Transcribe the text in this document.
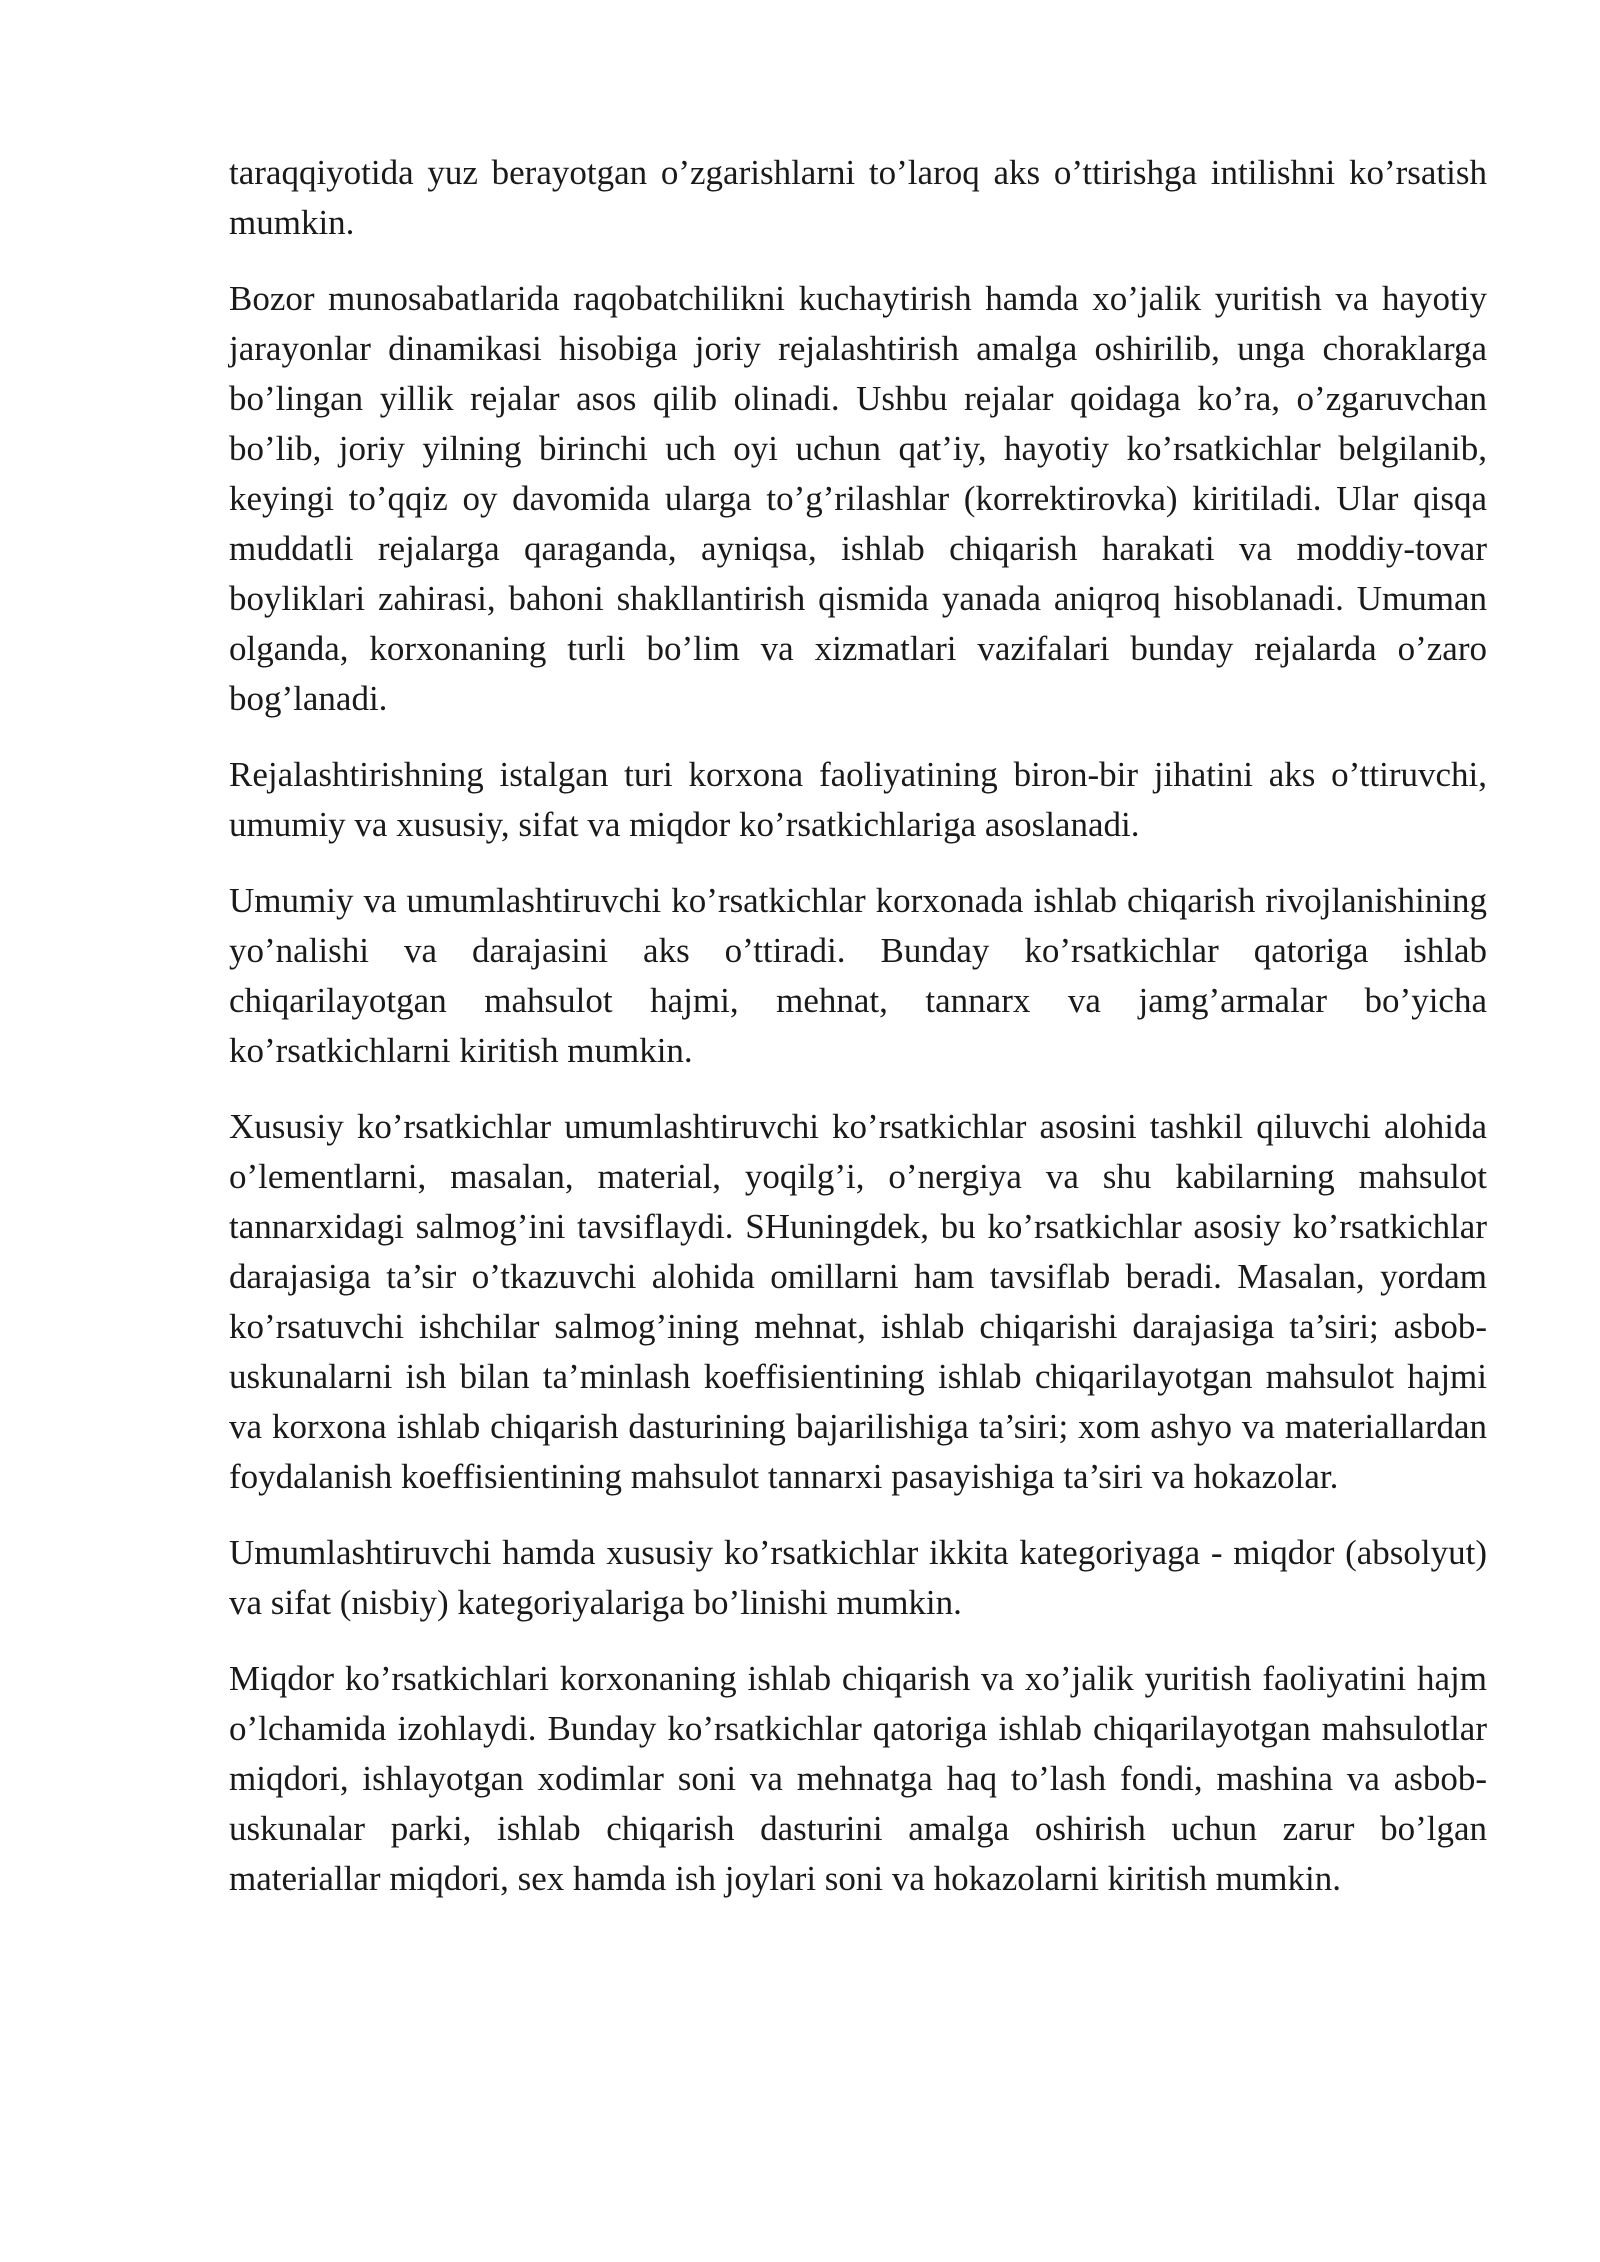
taraqqiyotida yuz berayotgan o’zgarishlarni to’laroq aks o’ttirishga intilishni ko’rsatish mumkin.

Bozor munosabatlarida raqobatchilikni kuchaytirish hamda xo’jalik yuritish va hayotiy jarayonlar dinamikasi hisobiga joriy rejalashtirish amalga oshirilib, unga choraklarga bo’lingan yillik rejalar asos qilib olinadi. Ushbu rejalar qoidaga ko’ra, o’zgaruvchan bo’lib, joriy yilning birinchi uch oyi uchun qat’iy, hayotiy ko’rsatkichlar belgilanib, keyingi to’qqiz oy davomida ularga to’g’rilashlar (korrektirovka) kiritiladi. Ular qisqa muddatli rejalarga qaraganda, ayniqsa, ishlab chiqarish harakati va moddiy-tovar boyliklari zahirasi, bahoni shakllantirish qismida yanada aniqroq hisoblanadi. Umuman olganda, korxonaning turli bo’lim va xizmatlari vazifalari bunday rejalarda o’zaro bog’lanadi.

Rejalashtirishning istalgan turi korxona faoliyatining biron-bir jihatini aks o’ttiruvchi, umumiy va xususiy, sifat va miqdor ko’rsatkichlariga asoslanadi.

Umumiy va umumlashtiruvchi ko’rsatkichlar korxonada ishlab chiqarish rivojlanishining yo’nalishi va darajasini aks o’ttiradi. Bunday ko’rsatkichlar qatoriga ishlab chiqarilayotgan mahsulot hajmi, mehnat, tannarx va jamg’armalar bo’yicha ko’rsatkichlarni kiritish mumkin.

Xususiy ko’rsatkichlar umumlashtiruvchi ko’rsatkichlar asosini tashkil qiluvchi alohida o’lementlarni, masalan, material, yoqilg’i, o’nergiya va shu kabilarning mahsulot tannarxidagi salmog’ini tavsiflaydi. SHuningdek, bu ko’rsatkichlar asosiy ko’rsatkichlar darajasiga ta’sir o’tkazuvchi alohida omillarni ham tavsiflab beradi. Masalan, yordam ko’rsatuvchi ishchilar salmog’ining mehnat, ishlab chiqarishi darajasiga ta’siri; asbob-uskunalarni ish bilan ta’minlash koeffisientining ishlab chiqarilayotgan mahsulot hajmi va korxona ishlab chiqarish dasturining bajarilishiga ta’siri; xom ashyo va materiallardan foydalanish koeffisientining mahsulot tannarxi pasayishiga ta’siri va hokazolar.

Umumlashtiruvchi hamda xususiy ko’rsatkichlar ikkita kategoriyaga - miqdor (absolyut) va sifat (nisbiy) kategoriyalariga bo’linishi mumkin.

Miqdor ko’rsatkichlari korxonaning ishlab chiqarish va xo’jalik yuritish faoliyatini hajm o’lchamida izohlaydi. Bunday ko’rsatkichlar qatoriga ishlab chiqarilayotgan mahsulotlar miqdori, ishlayotgan xodimlar soni va mehnatga haq to’lash fondi, mashina va asbob-uskunalar parki, ishlab chiqarish dasturini amalga oshirish uchun zarur bo’lgan materiallar miqdori, sex hamda ish joylari soni va hokazolarni kiritish mumkin.
